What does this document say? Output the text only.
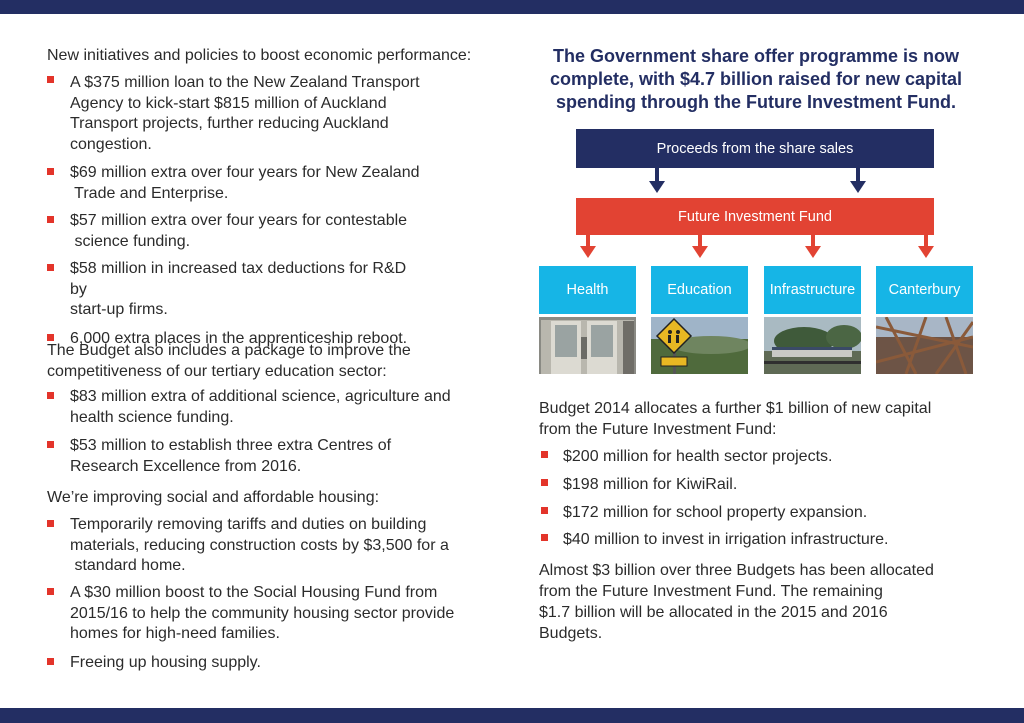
New initiatives and policies to boost economic performance:

A $375 million loan to the New Zealand Transport
Agency to kick-start $815 million of Auckland
Transport projects, further reducing Auckland
congestion.

$69 million extra over four years for New Zealand
Trade and Enterprise.

$57 million extra over four years for contestable
science funding.

$58 million in increased tax deductions for R&D
by
start-up firms.

6,000 extra places in the apprenticeship reboot.

The Budget also includes a package to improve the
competitiveness of our tertiary education sector:

$83 million extra of additional science, agriculture and
health science funding.

$53 million to establish three extra Centres of
Research Excellence from 2016.

We’re improving social and affordable housing:

Temporarily removing tariffs and duties on building
materials, reducing construction costs by $3,500 for a
standard home.

A $30 million boost to the Social Housing Fund from
2015/16 to help the community housing sector provide
homes for high-need families.

Freeing up housing supply.

The Government share offer programme is now complete, with $4.7 billion raised for new capital spending through the Future Investment Fund.

Proceeds from the share sales
Future Investment Fund
Health	Education	Infrastructure Canterbury

Budget 2014 allocates a further $1 billion of new capital
from the Future Investment Fund:

$200 million for health sector projects.

$198 million for KiwiRail.

$172 million for school property expansion.

$40 million to invest in irrigation infrastructure.

Almost $3 billion over three Budgets has been allocated
from the Future Investment Fund. The remaining
$1.7 billion will be allocated in the 2015 and 2016
Budgets.
